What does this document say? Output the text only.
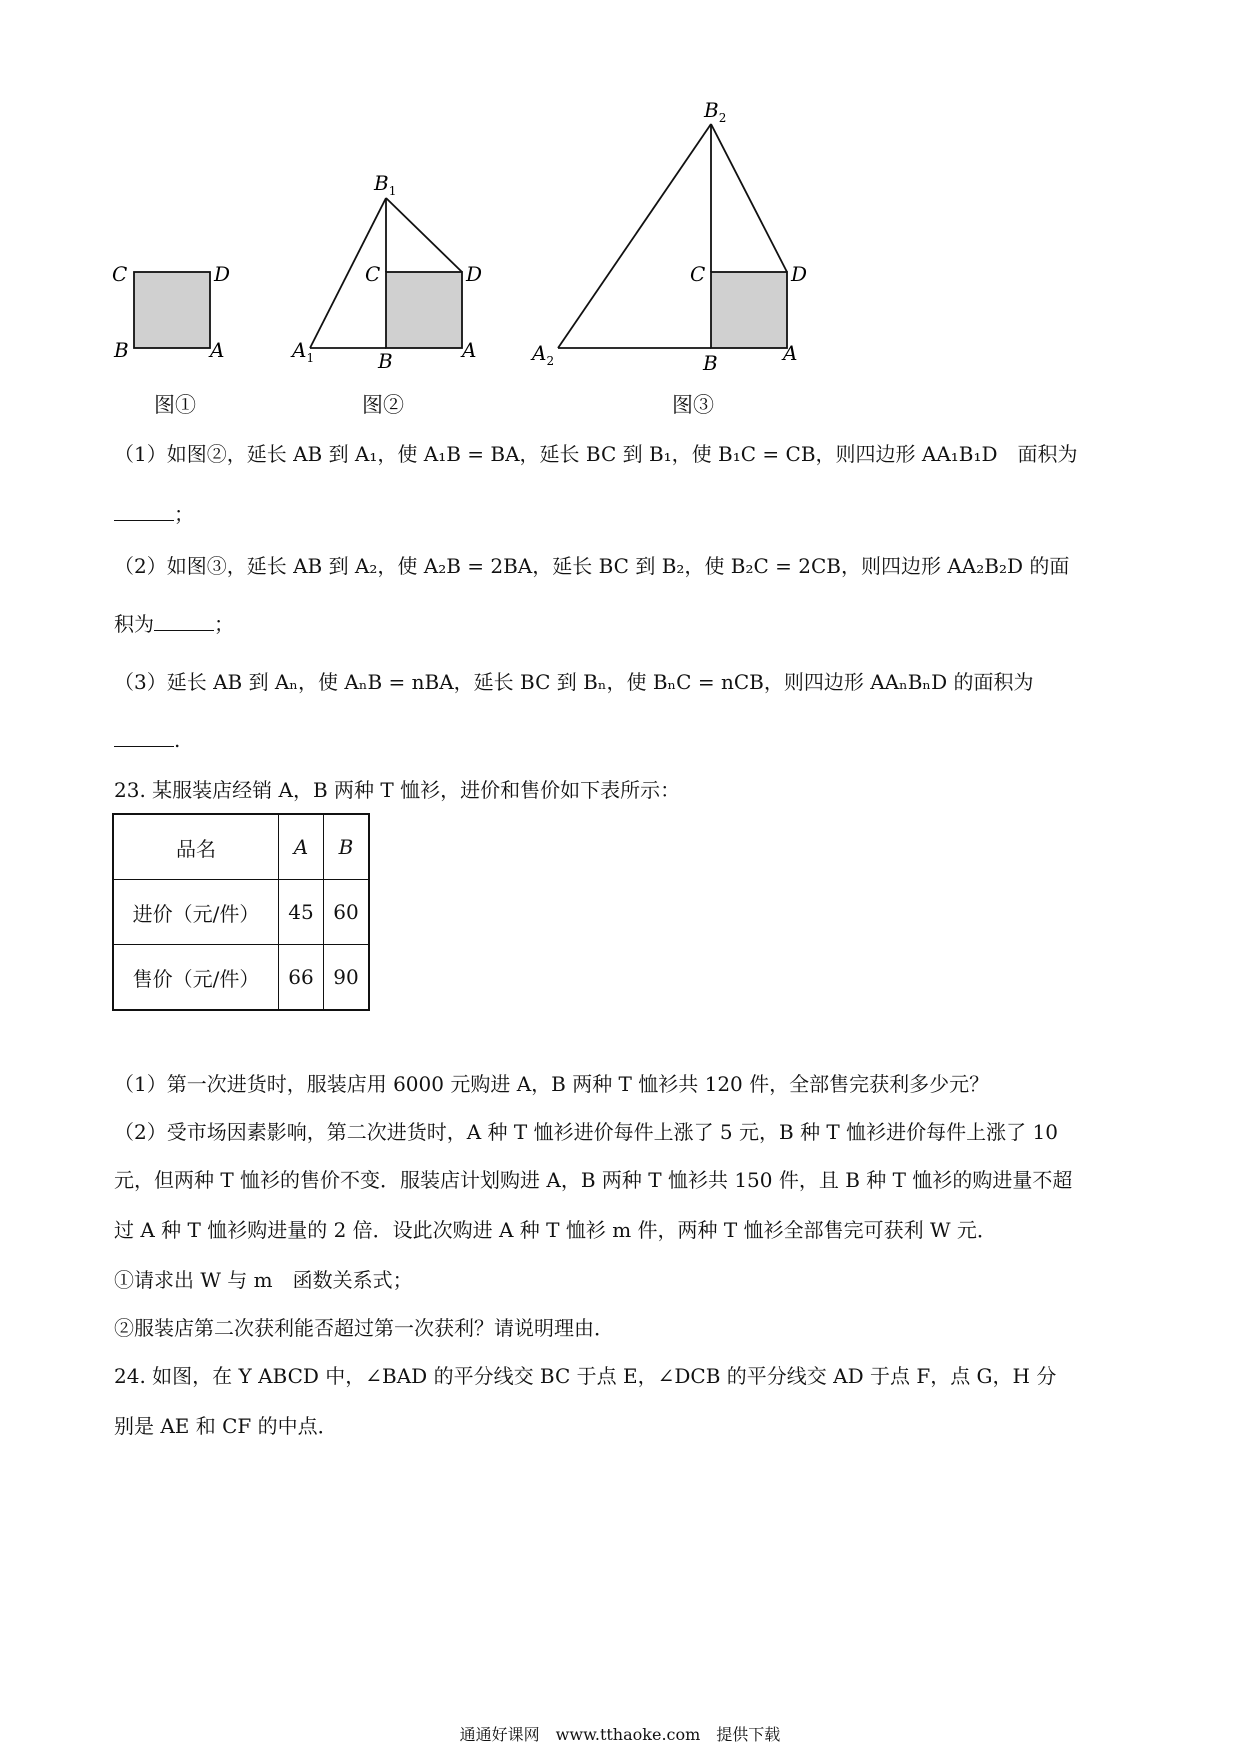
C	D
B	A
$B_1$
C	D
$A_1$	B	A
$B_2$
C	D
$A_2$	B	A
图①	图②	图③
（1）如图②，延长 AB 到 A₁，使 A₁B = BA，延长 BC 到 B₁，使 B₁C = CB，则四边形 AA₁B₁D　面积为
；
（2）如图③，延长 AB 到 A₂，使 A₂B = 2BA，延长 BC 到 B₂，使 B₂C = 2CB，则四边形 AA₂B₂D 的面
积为	；
（3）延长 AB 到 Aₙ，使 AₙB = nBA，延长 BC 到 Bₙ，使 BₙC = nCB，则四边形 AAₙBₙD 的面积为
.
23. 某服装店经销 A，B 两种 T 恤衫，进价和售价如下表所示：
品名	A	B
进价（元/件）	45	60
售价（元/件）	66	90
（1）第一次进货时，服装店用 6000 元购进 A，B 两种 T 恤衫共 120 件，全部售完获利多少元？
（2）受市场因素影响，第二次进货时，A 种 T 恤衫进价每件上涨了 5 元，B 种 T 恤衫进价每件上涨了 10
元，但两种 T 恤衫的售价不变．服装店计划购进 A，B 两种 T 恤衫共 150 件，且 B 种 T 恤衫的购进量不超
过 A 种 T 恤衫购进量的 2 倍．设此次购进 A 种 T 恤衫 m 件，两种 T 恤衫全部售完可获利 W 元．
①请求出 W 与 m　函数关系式；
②服装店第二次获利能否超过第一次获利？请说明理由．
24. 如图，在 Y ABCD 中，∠BAD 的平分线交 BC 于点 E，∠DCB 的平分线交 AD 于点 F，点 G，H 分
别是 AE 和 CF 的中点．
通通好课网　www.tthaoke.com　提供下载
